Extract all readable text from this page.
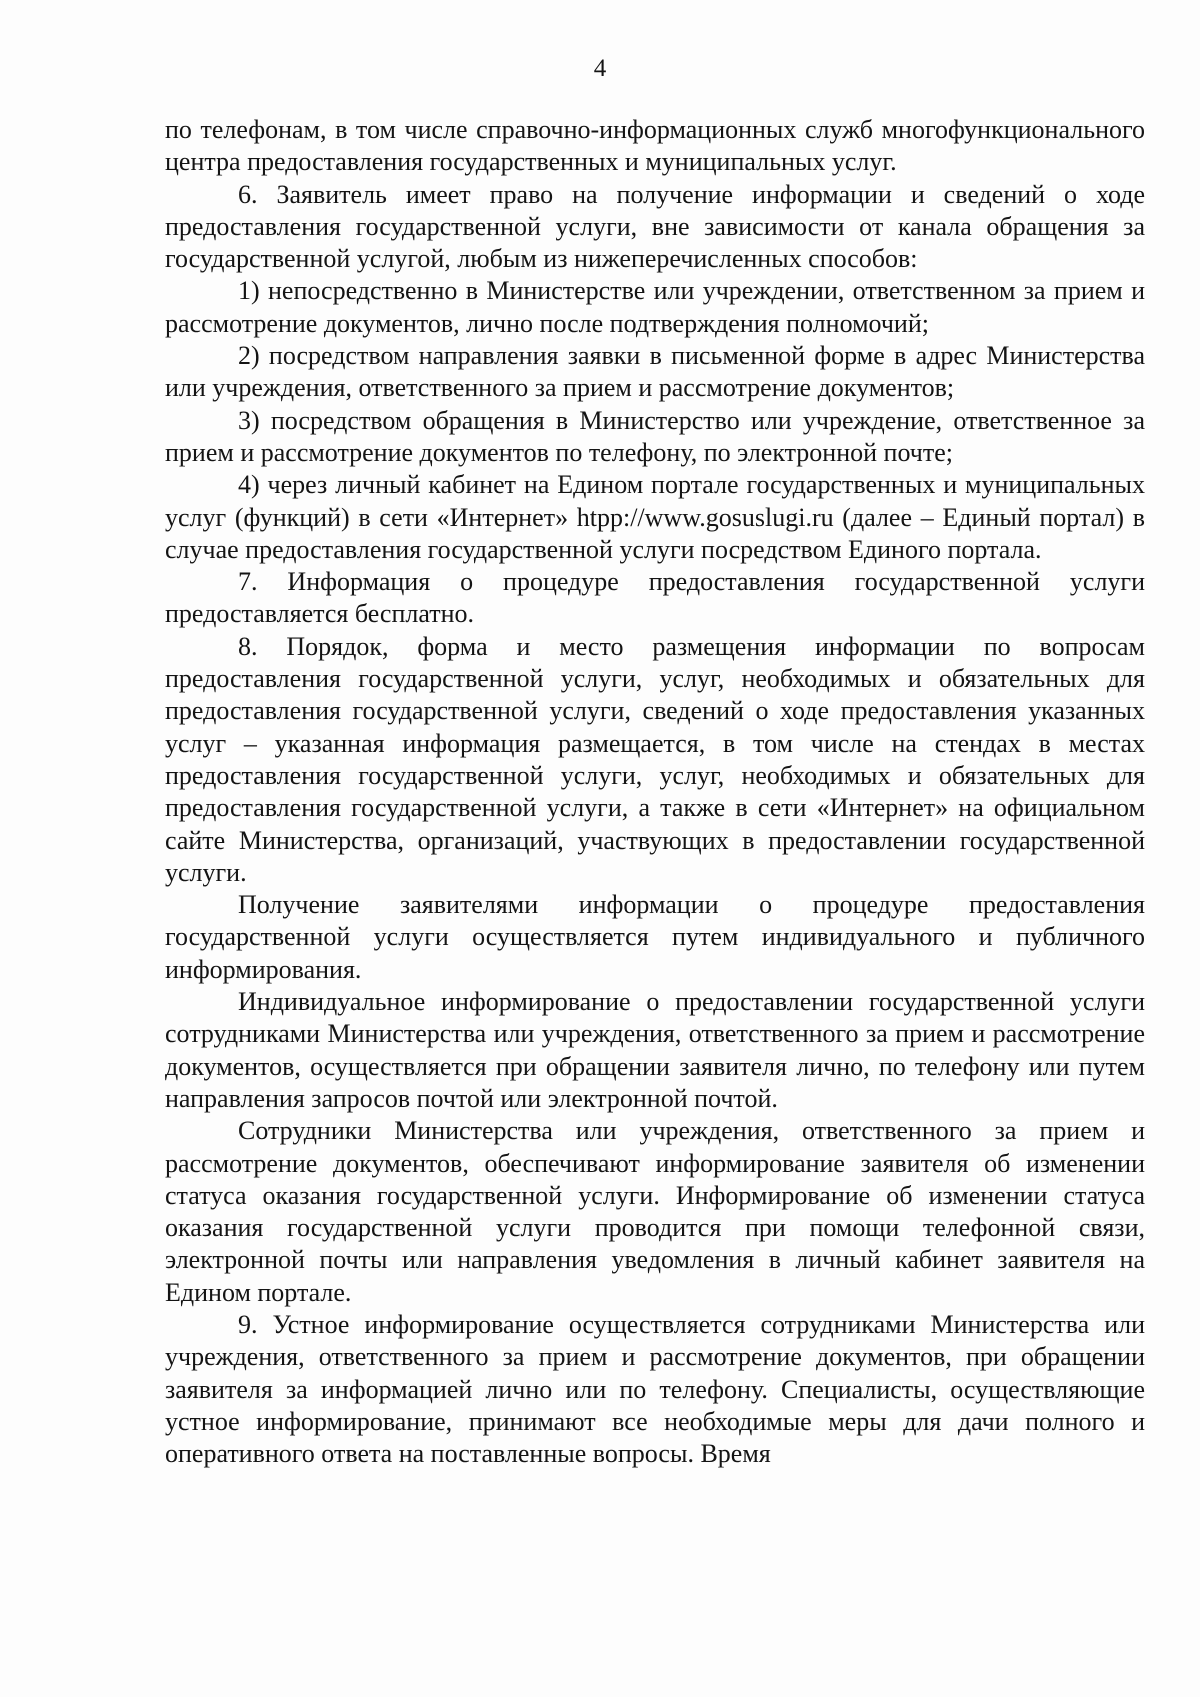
4

по телефонам, в том числе справочно-информационных служб многофункционального центра предоставления государственных и муниципальных услуг.

6. Заявитель имеет право на получение информации и сведений о ходе предоставления государственной услуги, вне зависимости от канала обращения за государственной услугой, любым из нижеперечисленных способов:

1) непосредственно в Министерстве или учреждении, ответственном за прием и рассмотрение документов, лично после подтверждения полномочий;

2) посредством направления заявки в письменной форме в адрес Министерства или учреждения, ответственного за прием и рассмотрение документов;

3) посредством обращения в Министерство или учреждение, ответственное за прием и рассмотрение документов по телефону, по электронной почте;

4) через личный кабинет на Едином портале государственных и муниципальных услуг (функций) в сети «Интернет» htpp://www.gosuslugi.ru (далее – Единый портал) в случае предоставления государственной услуги посредством Единого портала.

7. Информация о процедуре предоставления государственной услуги предоставляется бесплатно.

8. Порядок, форма и место размещения информации по вопросам предоставления государственной услуги, услуг, необходимых и обязательных для предоставления государственной услуги, сведений о ходе предоставления указанных услуг – указанная информация размещается, в том числе на стендах в местах предоставления государственной услуги, услуг, необходимых и обязательных для предоставления государственной услуги, а также в сети «Интернет» на официальном сайте Министерства, организаций, участвующих в предоставлении государственной услуги.

Получение заявителями информации о процедуре предоставления государственной услуги осуществляется путем индивидуального и публичного информирования.

Индивидуальное информирование о предоставлении государственной услуги сотрудниками Министерства или учреждения, ответственного за прием и рассмотрение документов, осуществляется при обращении заявителя лично, по телефону или путем направления запросов почтой или электронной почтой.

Сотрудники Министерства или учреждения, ответственного за прием и рассмотрение документов, обеспечивают информирование заявителя об изменении статуса оказания государственной услуги. Информирование об изменении статуса оказания государственной услуги проводится при помощи телефонной связи, электронной почты или направления уведомления в личный кабинет заявителя на Едином портале.

9. Устное информирование осуществляется сотрудниками Министерства или учреждения, ответственного за прием и рассмотрение документов, при обращении заявителя за информацией лично или по телефону. Специалисты, осуществляющие устное информирование, принимают все необходимые меры для дачи полного и оперативного ответа на поставленные вопросы. Время
